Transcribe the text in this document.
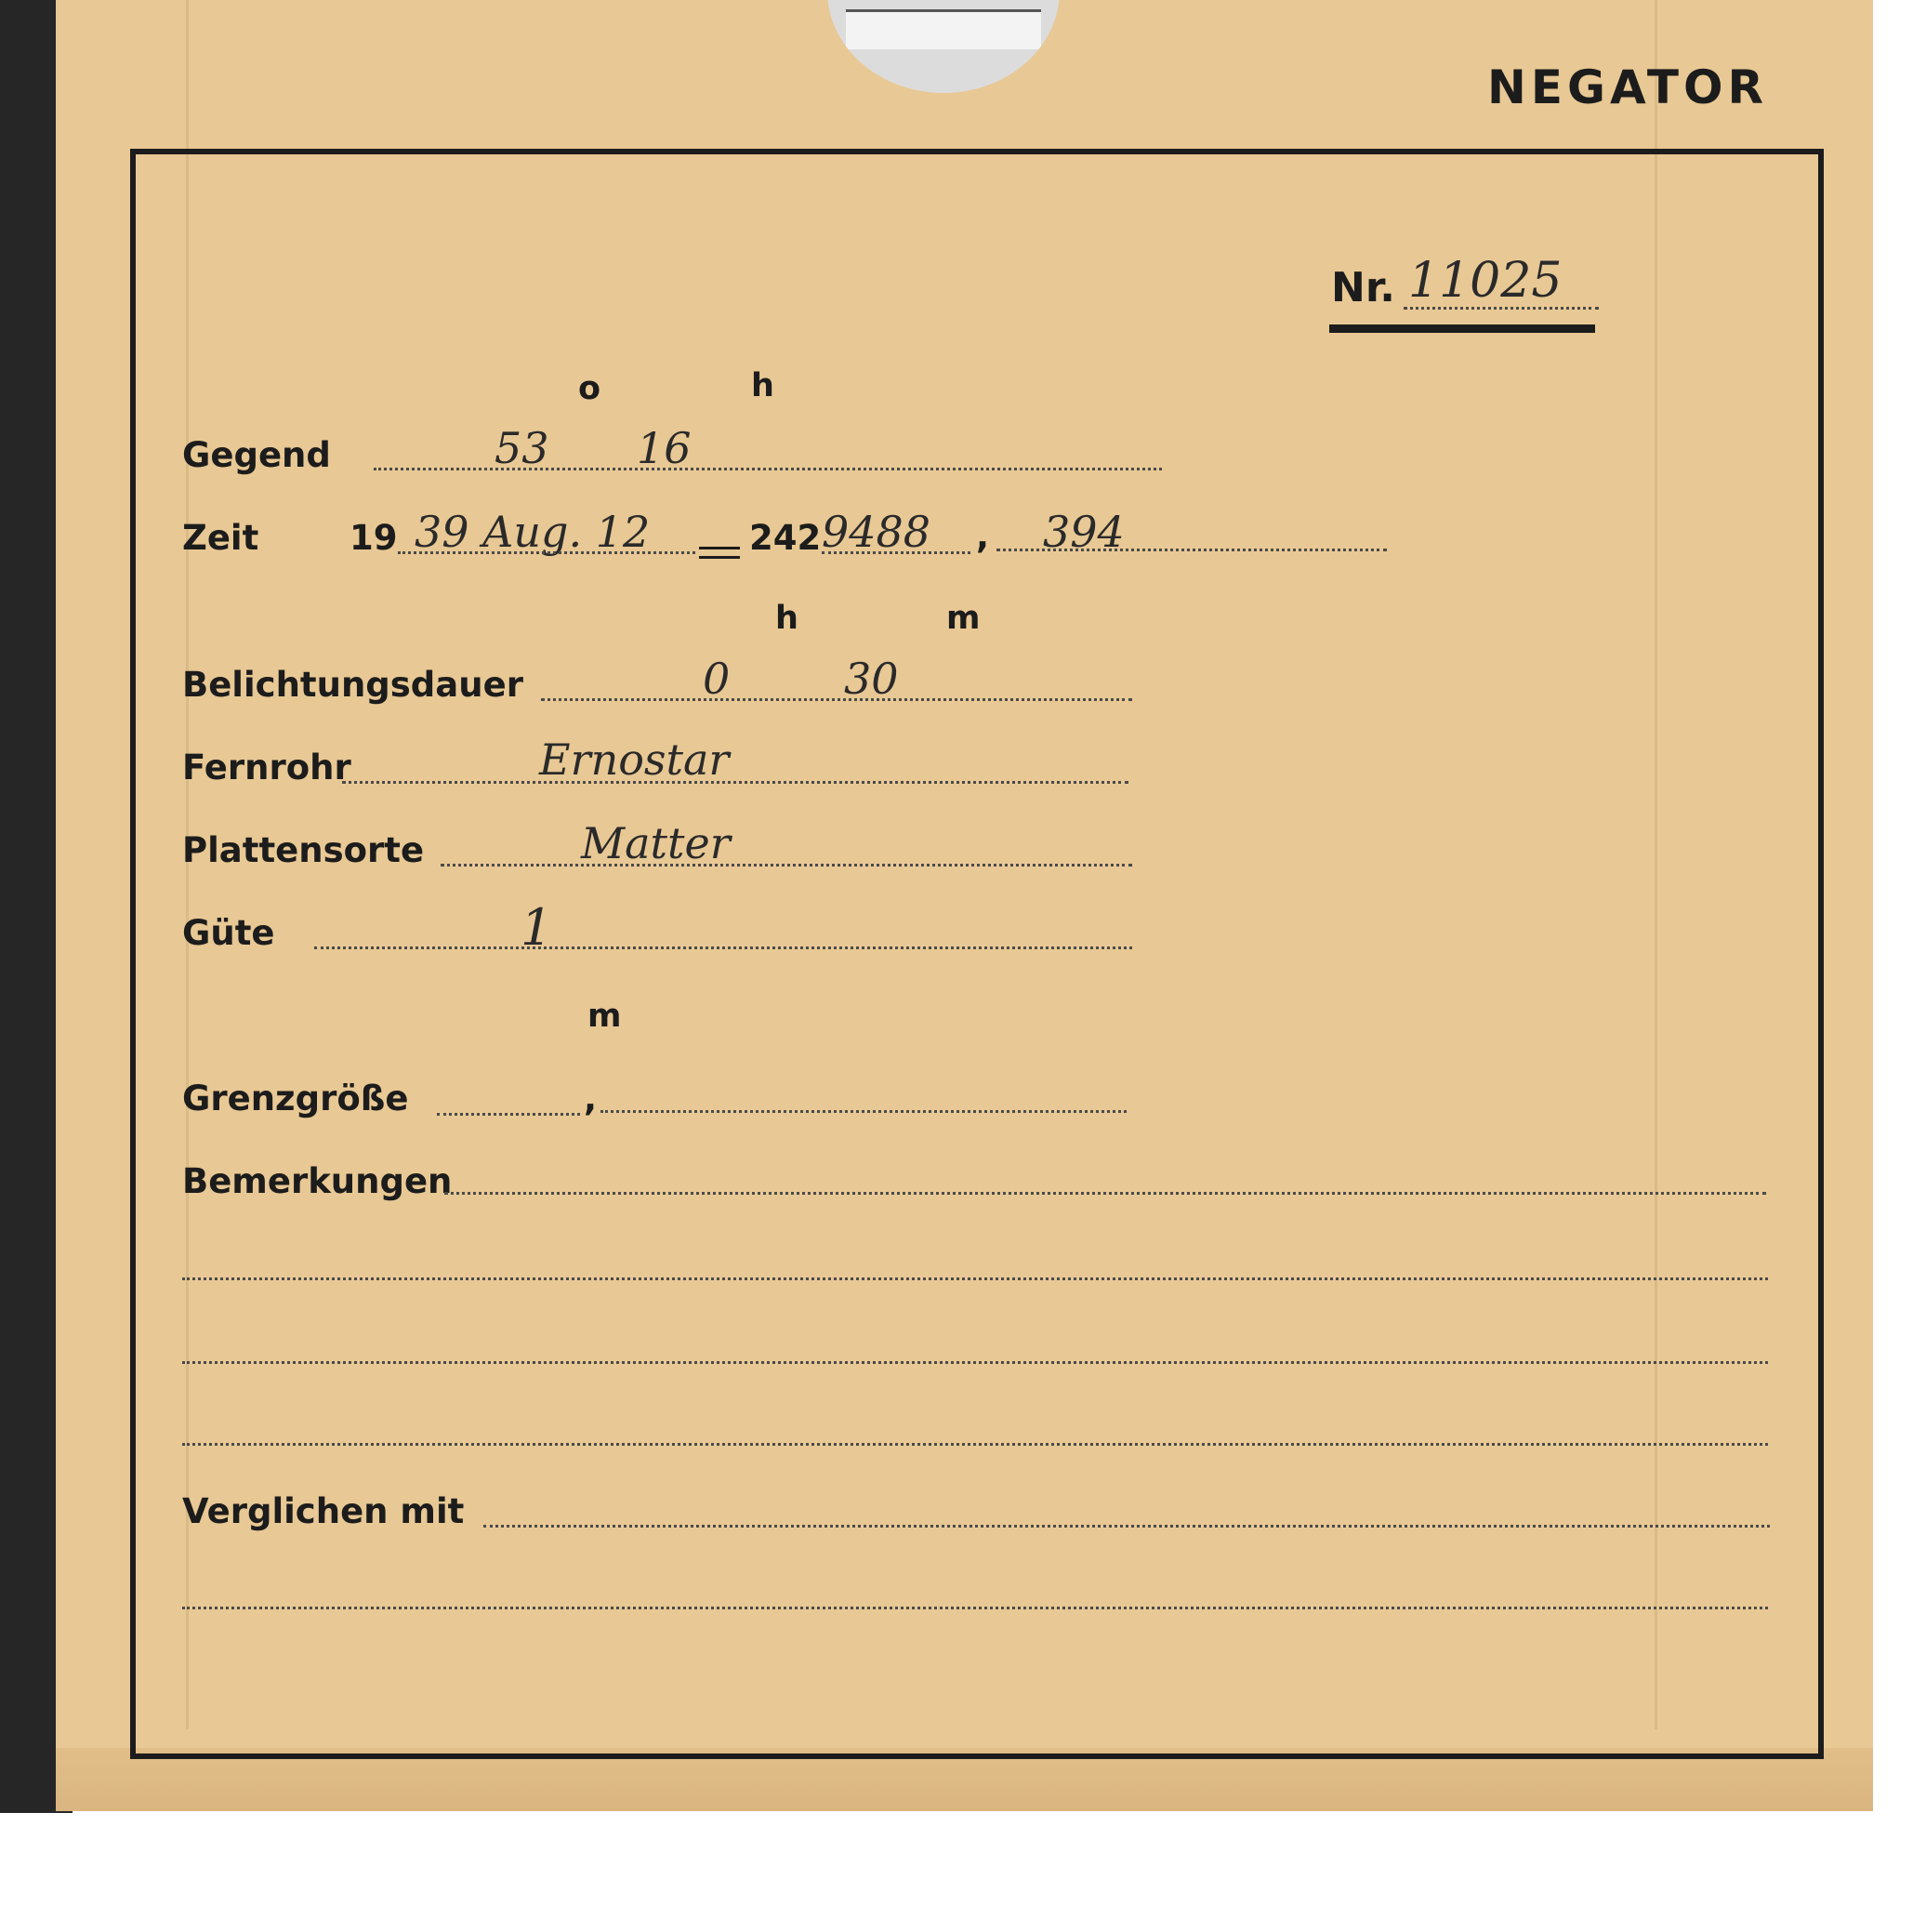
NEGATOR
Nr. 11025
o	h
Gegend	53 16
Zeit	19 39 Aug. 12	242 9488 , 394
h	m
Belichtungsdauer	0	30
Fernrohr	Ernostar
Plattensorte	Matter
Güte	1
m
Grenzgröße	,
Bemerkungen
Verglichen mit
